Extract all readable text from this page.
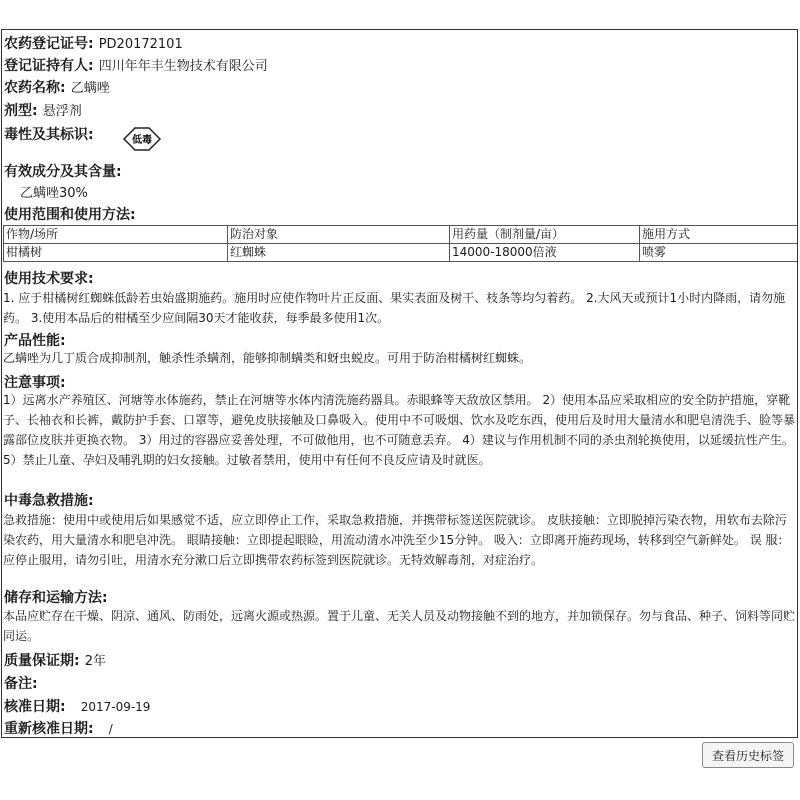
农药登记证号: PD20172101
登记证持有人: 四川年年丰生物技术有限公司
农药名称: 乙螨唑
剂型: 悬浮剂
毒性及其标识:	低毒
有效成分及其含量:
乙螨唑30%
使用范围和使用方法:
作物/场所	防治对象	用药量（制剂量/亩）	施用方式
柑橘树	红蜘蛛	14000-18000倍液	喷雾
使用技术要求:
1. 应于柑橘树红蜘蛛低龄若虫始盛期施药。施用时应使作物叶片正反面、果实表面及树干、枝条等均匀着药。 2.大风天或预计1小时内降雨，请勿施药。 3.使用本品后的柑橘至少应间隔30天才能收获，每季最多使用1次。
产品性能:
乙螨唑为几丁质合成抑制剂，触杀性杀螨剂，能够抑制螨类和蚜虫蜕皮。可用于防治柑橘树红蜘蛛。
注意事项:
1）远离水产养殖区、河塘等水体施药，禁止在河塘等水体内清洗施药器具。赤眼蜂等天敌放区禁用。 2）使用本品应采取相应的安全防护措施，穿靴子、长袖衣和长裤，戴防护手套、口罩等，避免皮肤接触及口鼻吸入。使用中不可吸烟、饮水及吃东西，使用后及时用大量清水和肥皂清洗手、脸等暴露部位皮肤并更换衣物。 3）用过的容器应妥善处理，不可做他用，也不可随意丢弃。 4）建议与作用机制不同的杀虫剂轮换使用，以延缓抗性产生。 5）禁止儿童、孕妇及哺乳期的妇女接触。过敏者禁用，使用中有任何不良反应请及时就医。
中毒急救措施:
急救措施：使用中或使用后如果感觉不适，应立即停止工作，采取急救措施，并携带标签送医院就诊。 皮肤接触：立即脱掉污染衣物，用软布去除污染农药，用大量清水和肥皂冲洗。 眼睛接触：立即提起眼睑，用流动清水冲洗至少15分钟。 吸入：立即离开施药现场，转移到空气新鲜处。 误 服：应停止服用，请勿引吐，用清水充分漱口后立即携带农药标签到医院就诊。无特效解毒剂，对症治疗。
储存和运输方法:
本品应贮存在干燥、阴凉、通风、防雨处，远离火源或热源。置于儿童、无关人员及动物接触不到的地方，并加锁保存。勿与食品、种子、饲料等同贮同运。
质量保证期: 2年
备注:
核准日期: 2017-09-19
重新核准日期: /
查看历史标签
